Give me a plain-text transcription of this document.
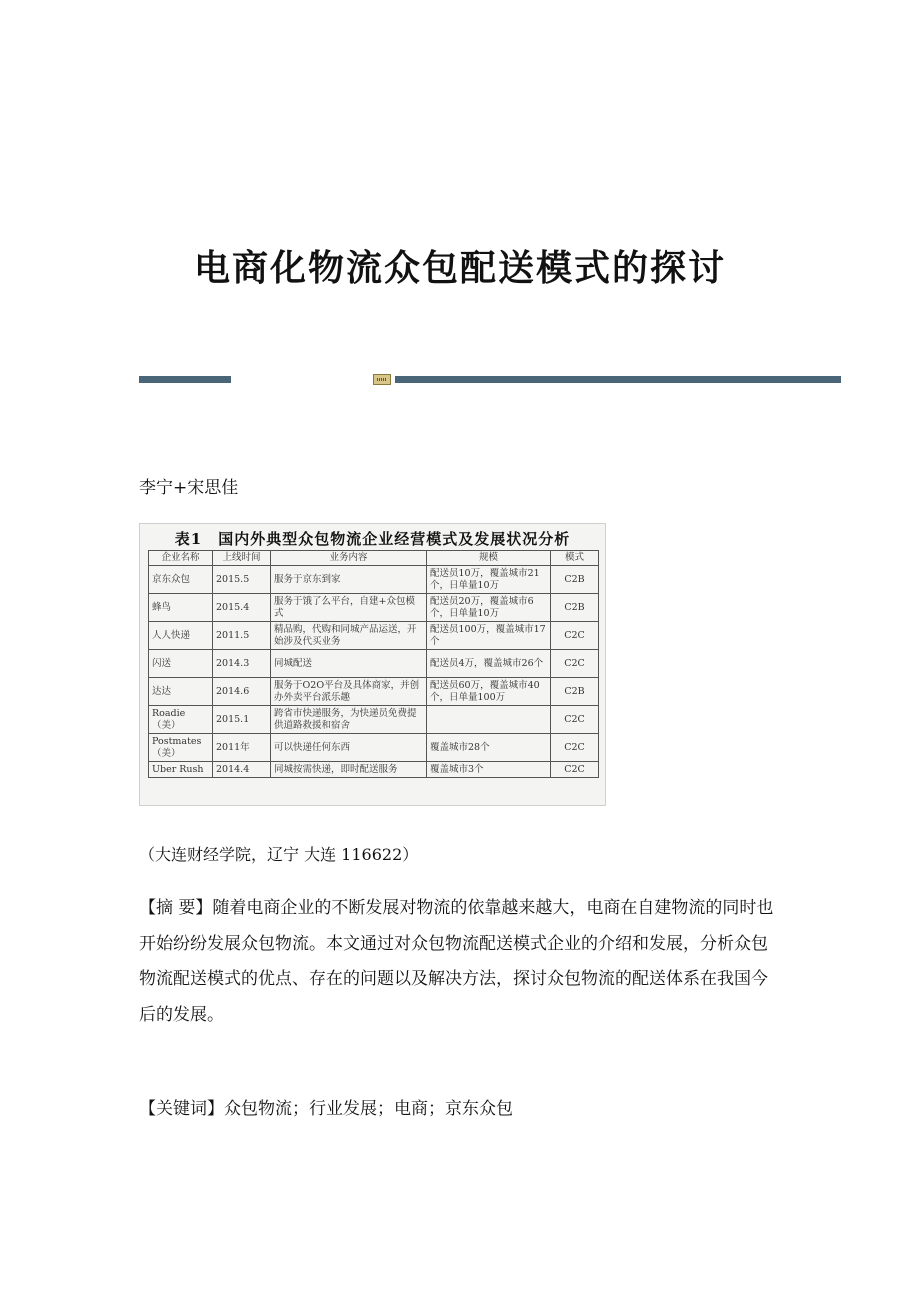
电商化物流众包配送模式的探讨
李宁+宋思佳
表1　国内外典型众包物流企业经营模式及发展状况分析
企业名称	上线时间	业务内容	规模	模式
京东众包	2015.5	服务于京东到家	配送员10万，覆盖城市21个，日单量10万	C2B
蜂鸟	2015.4	服务于饿了么平台，自建+众包模式	配送员20万，覆盖城市6个，日单量10万	C2B
人人快递	2011.5	精品购，代购和同城产品运送，开始涉及代买业务	配送员100万，覆盖城市17个	C2C
闪送	2014.3	同城配送	配送员4万，覆盖城市26个	C2C
达达	2014.6	服务于O2O平台及具体商家，并创办外卖平台派乐趣	配送员60万，覆盖城市40个，日单量100万	C2B
Roadie（美）	2015.1	跨省市快递服务，为快递员免费提供道路救援和宿舍		C2C
Postmates（美）	2011年	可以快递任何东西	覆盖城市28个	C2C
Uber Rush	2014.4	同城按需快递，即时配送服务	覆盖城市3个	C2C
（大连财经学院，辽宁 大连 116622）

【摘 要】随着电商企业的不断发展对物流的依靠越来越大，电商在自建物流的同时也开始纷纷发展众包物流。本文通过对众包物流配送模式企业的介绍和发展，分析众包物流配送模式的优点、存在的问题以及解决方法，探讨众包物流的配送体系在我国今后的发展。

【关键词】众包物流；行业发展；电商；京东众包
